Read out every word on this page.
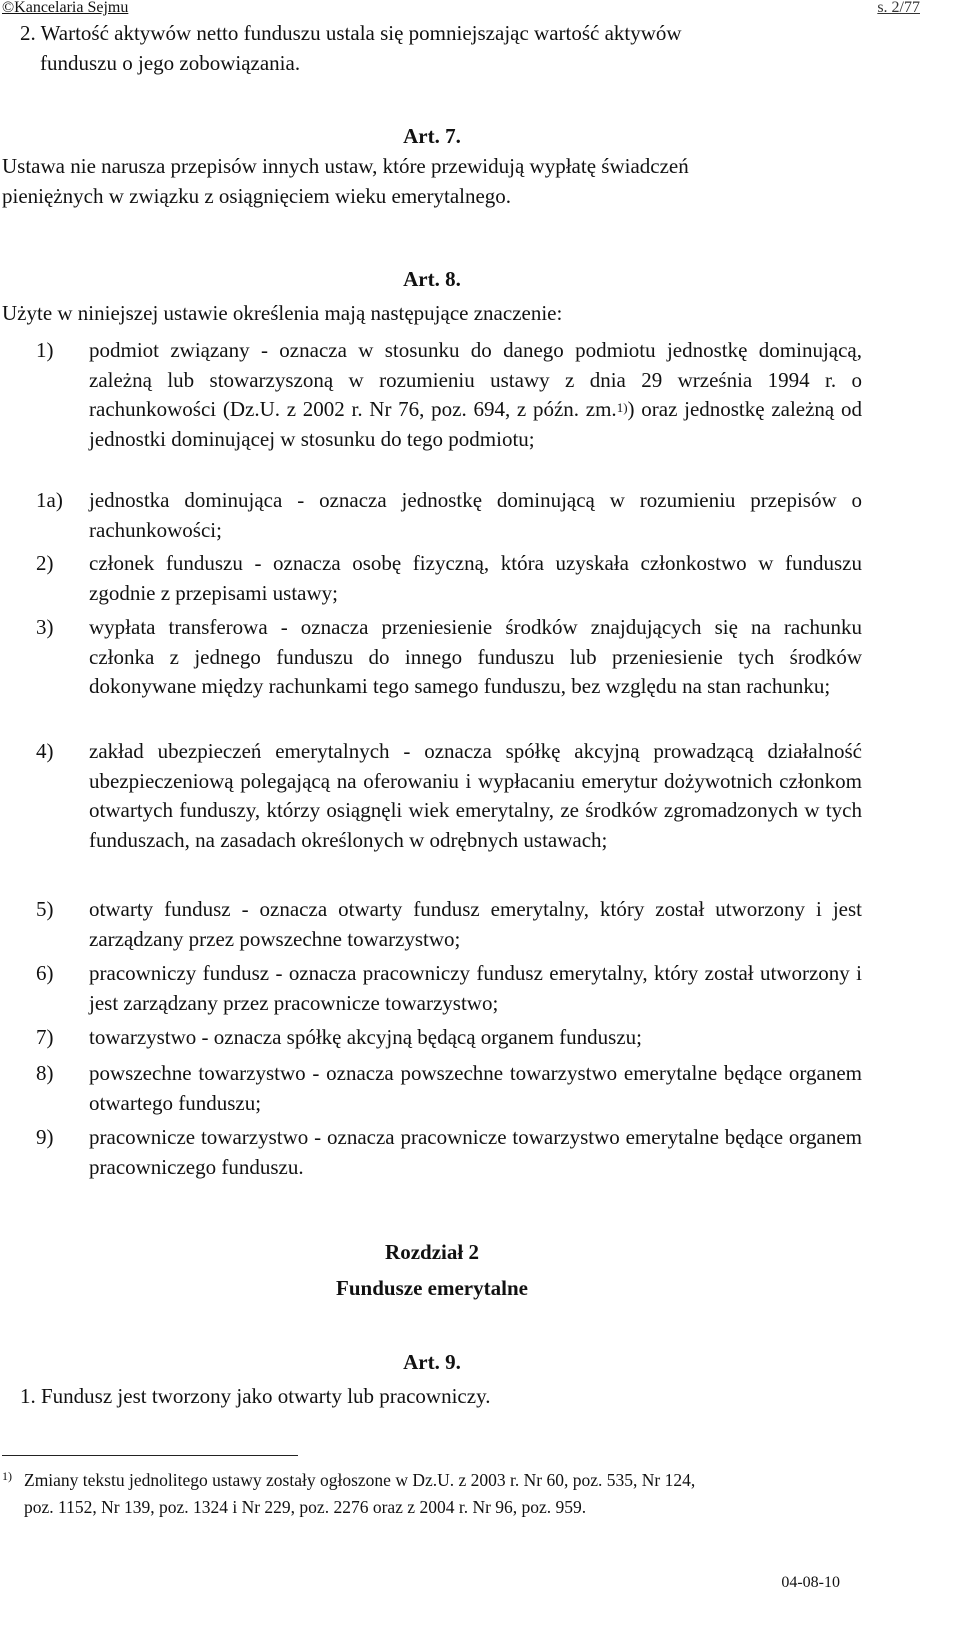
©Kancelaria Sejmu	s. 2/77

2. Wartość aktywów netto funduszu ustala się pomniejszając wartość aktywów

funduszu o jego zobowiązania.

Art. 7.

Ustawa nie narusza przepisów innych ustaw, które przewidują wypłatę świadczeń

pieniężnych w związku z osiągnięciem wieku emerytalnego.

Art. 8.

Użyte w niniejszej ustawie określenia mają następujące znaczenie:

1) podmiot związany - oznacza w stosunku do danego podmiotu jednostkę dominującą, zależną lub stowarzyszoną w rozumieniu ustawy z dnia 29 września 1994 r. o rachunkowości (Dz.U. z 2002 r. Nr 76, poz. 694, z późn. zm.$^{1)}$) oraz jednostkę zależną od jednostki dominującej w stosunku do tego podmiotu;
1a) jednostka dominująca - oznacza jednostkę dominującą w rozumieniu przepisów o rachunkowości;
2) członek funduszu - oznacza osobę fizyczną, która uzyskała członkostwo w funduszu zgodnie z przepisami ustawy;
3) wypłata transferowa - oznacza przeniesienie środków znajdujących się na rachunku członka z jednego funduszu do innego funduszu lub przeniesienie tych środków dokonywane między rachunkami tego samego funduszu, bez względu na stan rachunku;
4) zakład ubezpieczeń emerytalnych - oznacza spółkę akcyjną prowadzącą działalność ubezpieczeniową polegającą na oferowaniu i wypłacaniu emerytur dożywotnich członkom otwartych funduszy, którzy osiągnęli wiek emerytalny, ze środków zgromadzonych w tych funduszach, na zasadach określonych w odrębnych ustawach;
5) otwarty fundusz - oznacza otwarty fundusz emerytalny, który został utworzony i jest zarządzany przez powszechne towarzystwo;
6) pracowniczy fundusz - oznacza pracowniczy fundusz emerytalny, który został utworzony i jest zarządzany przez pracownicze towarzystwo;
7) towarzystwo - oznacza spółkę akcyjną będącą organem funduszu;
8) powszechne towarzystwo - oznacza powszechne towarzystwo emerytalne będące organem otwartego funduszu;
9) pracownicze towarzystwo - oznacza pracownicze towarzystwo emerytalne będące organem pracowniczego funduszu.

Rozdział 2

Fundusze emerytalne

Art. 9.

1. Fundusz jest tworzony jako otwarty lub pracowniczy.

1) Zmiany tekstu jednolitego ustawy zostały ogłoszone w Dz.U. z 2003 r. Nr 60, poz. 535, Nr 124,
poz. 1152, Nr 139, poz. 1324 i Nr 229, poz. 2276 oraz z 2004 r. Nr 96, poz. 959.
04-08-10
